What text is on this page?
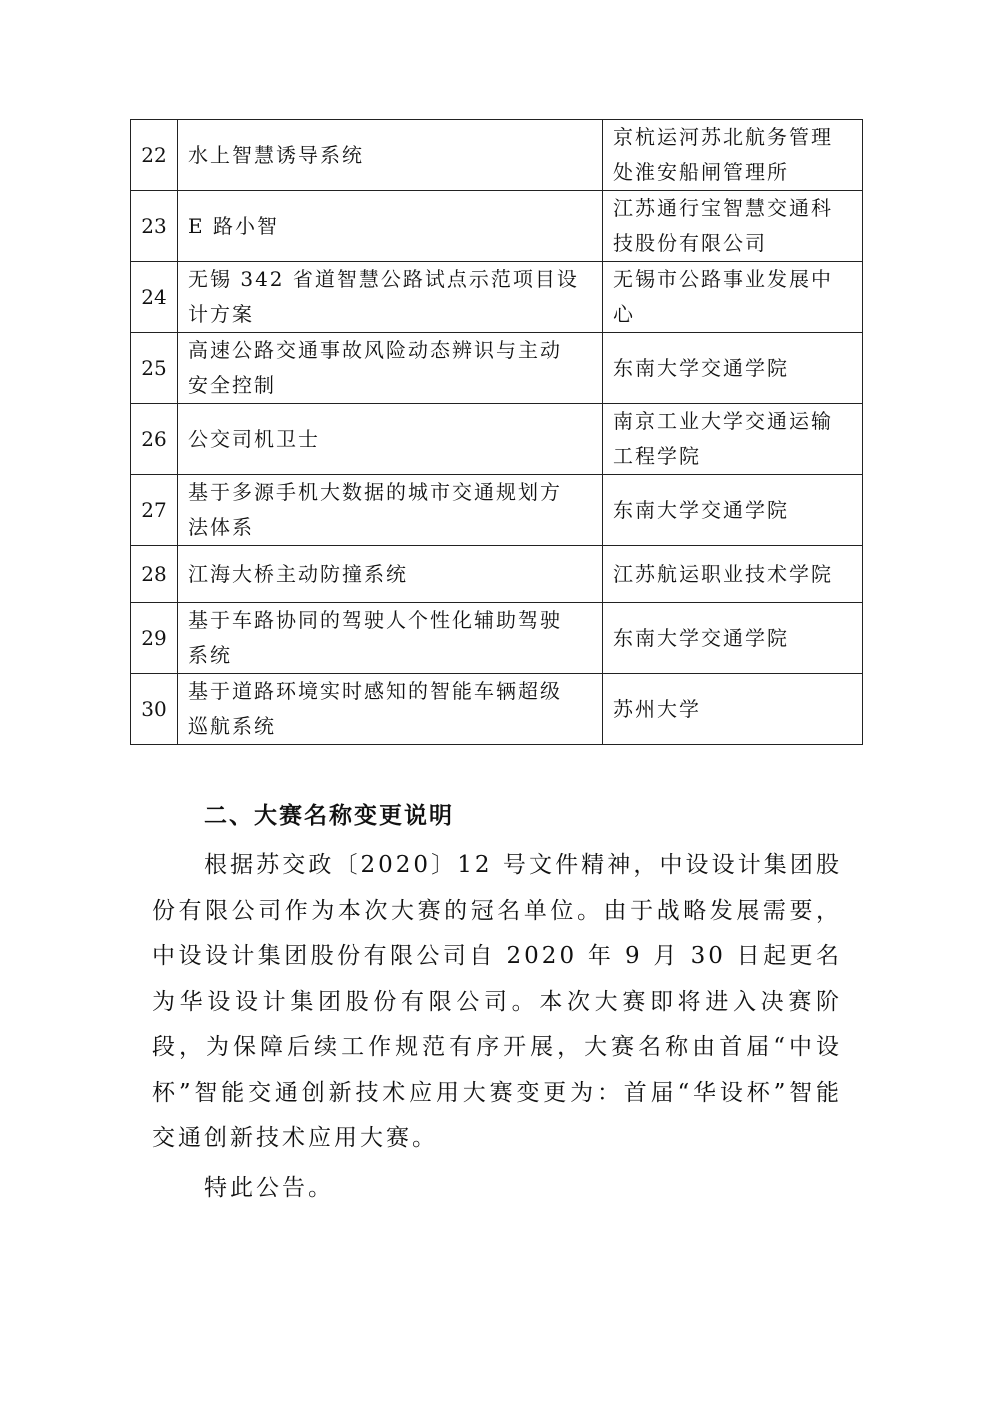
22	水上智慧诱导系统	京杭运河苏北航务管理
处淮安船闸管理所

23	E 路小智	江苏通行宝智慧交通科
技股份有限公司

24	无锡 342 省道智慧公路试点示范项目设
计方案	无锡市公路事业发展中心

25	高速公路交通事故风险动态辨识与主动
安全控制	东南大学交通学院

26	公交司机卫士	南京工业大学交通运输
工程学院

27	基于多源手机大数据的城市交通规划方
法体系	东南大学交通学院

28	江海大桥主动防撞系统	江苏航运职业技术学院

29	基于车路协同的驾驶人个性化辅助驾驶
系统	东南大学交通学院

30	基于道路环境实时感知的智能车辆超级
巡航系统	苏州大学
二、大赛名称变更说明

根据苏交政〔2020〕12 号文件精神，中设设计集团股份有限公司作为本次大赛的冠名单位。由于战略发展需要，中设设计集团股份有限公司自 2020 年 9 月 30 日起更名为华设设计集团股份有限公司。本次大赛即将进入决赛阶段，为保障后续工作规范有序开展，大赛名称由首届“中设杯”智能交通创新技术应用大赛变更为：首届“华设杯”智能交通创新技术应用大赛。

特此公告。
